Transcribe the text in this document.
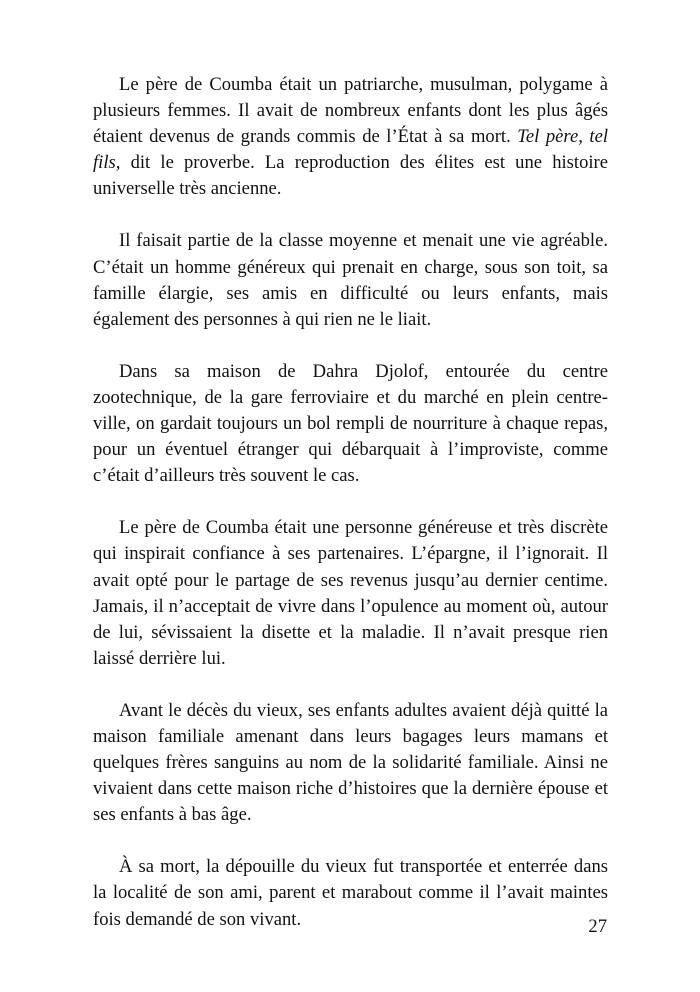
Le père de Coumba était un patriarche, musulman, polygame à plusieurs femmes. Il avait de nombreux enfants dont les plus âgés étaient devenus de grands commis de l’État à sa mort. Tel père, tel fils, dit le proverbe. La reproduction des élites est une histoire universelle très ancienne.

Il faisait partie de la classe moyenne et menait une vie agréable. C’était un homme généreux qui prenait en charge, sous son toit, sa famille élargie, ses amis en difficulté ou leurs enfants, mais également des personnes à qui rien ne le liait.

Dans sa maison de Dahra Djolof, entourée du centre zootechnique, de la gare ferroviaire et du marché en plein centre-ville, on gardait toujours un bol rempli de nourriture à chaque repas, pour un éventuel étranger qui débarquait à l’improviste, comme c’était d’ailleurs très souvent le cas.

Le père de Coumba était une personne généreuse et très discrète qui inspirait confiance à ses partenaires. L’épargne, il l’ignorait. Il avait opté pour le partage de ses revenus jusqu’au dernier centime. Jamais, il n’acceptait de vivre dans l’opulence au moment où, autour de lui, sévissaient la disette et la maladie. Il n’avait presque rien laissé derrière lui.

Avant le décès du vieux, ses enfants adultes avaient déjà quitté la maison familiale amenant dans leurs bagages leurs mamans et quelques frères sanguins au nom de la solidarité familiale. Ainsi ne vivaient dans cette maison riche d’histoires que la dernière épouse et ses enfants à bas âge.

À sa mort, la dépouille du vieux fut transportée et enterrée dans la localité de son ami, parent et marabout comme il l’avait maintes fois demandé de son vivant.	27
